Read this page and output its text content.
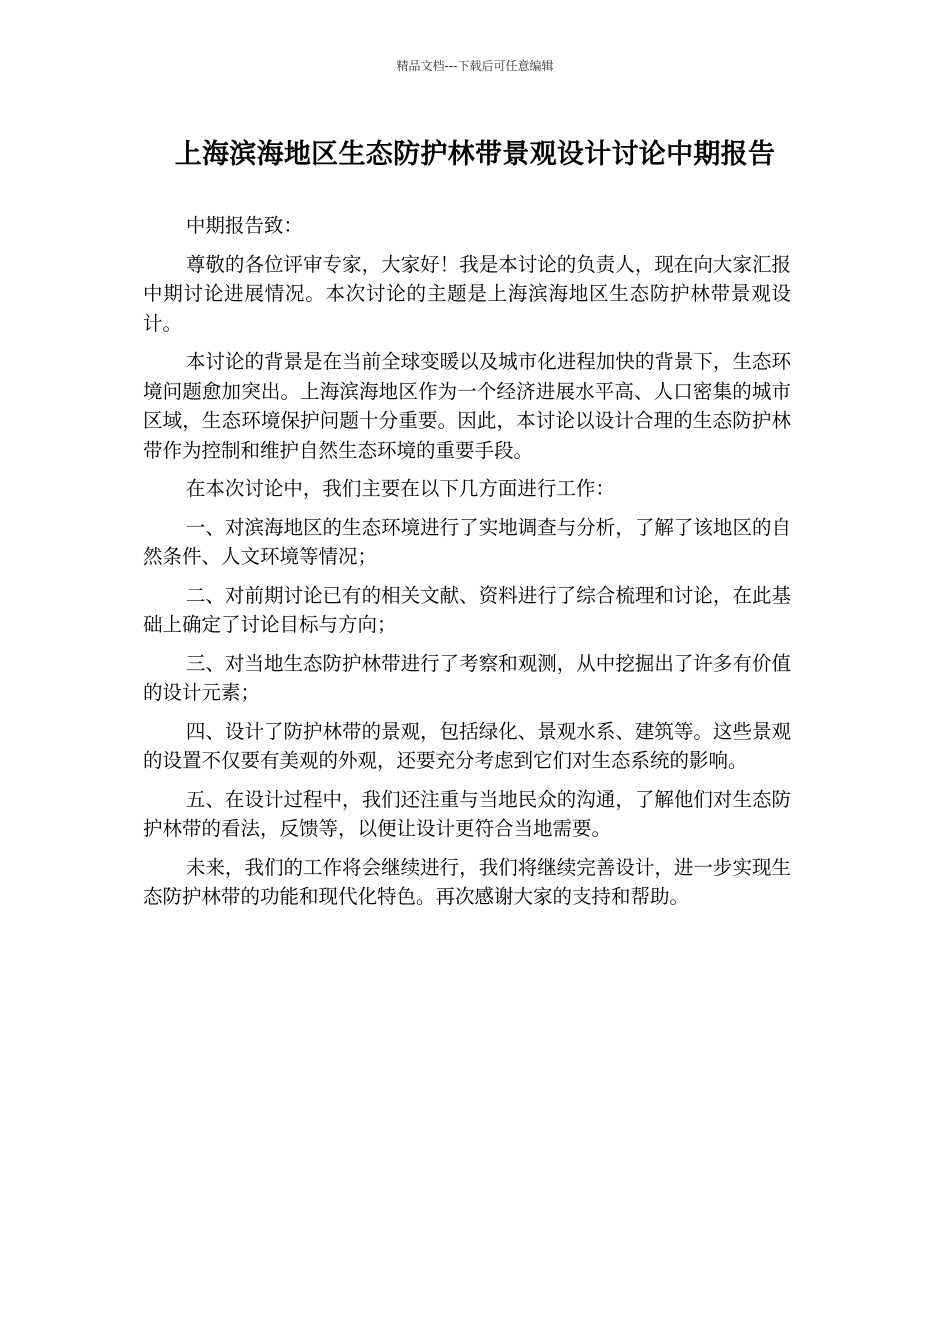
精品文档---下载后可任意编辑
上海滨海地区生态防护林带景观设计讨论中期报告

中期报告致：

尊敬的各位评审专家，大家好！我是本讨论的负责人，现在向大家汇报中期讨论进展情况。本次讨论的主题是上海滨海地区生态防护林带景观设计。

本讨论的背景是在当前全球变暖以及城市化进程加快的背景下，生态环境问题愈加突出。上海滨海地区作为一个经济进展水平高、人口密集的城市区域，生态环境保护问题十分重要。因此，本讨论以设计合理的生态防护林带作为控制和维护自然生态环境的重要手段。

在本次讨论中，我们主要在以下几方面进行工作：

一、对滨海地区的生态环境进行了实地调查与分析，了解了该地区的自然条件、人文环境等情况；

二、对前期讨论已有的相关文献、资料进行了综合梳理和讨论，在此基础上确定了讨论目标与方向；

三、对当地生态防护林带进行了考察和观测，从中挖掘出了许多有价值的设计元素；

四、设计了防护林带的景观，包括绿化、景观水系、建筑等。这些景观的设置不仅要有美观的外观，还要充分考虑到它们对生态系统的影响。

五、在设计过程中，我们还注重与当地民众的沟通，了解他们对生态防护林带的看法，反馈等，以便让设计更符合当地需要。

未来，我们的工作将会继续进行，我们将继续完善设计，进一步实现生态防护林带的功能和现代化特色。再次感谢大家的支持和帮助。
